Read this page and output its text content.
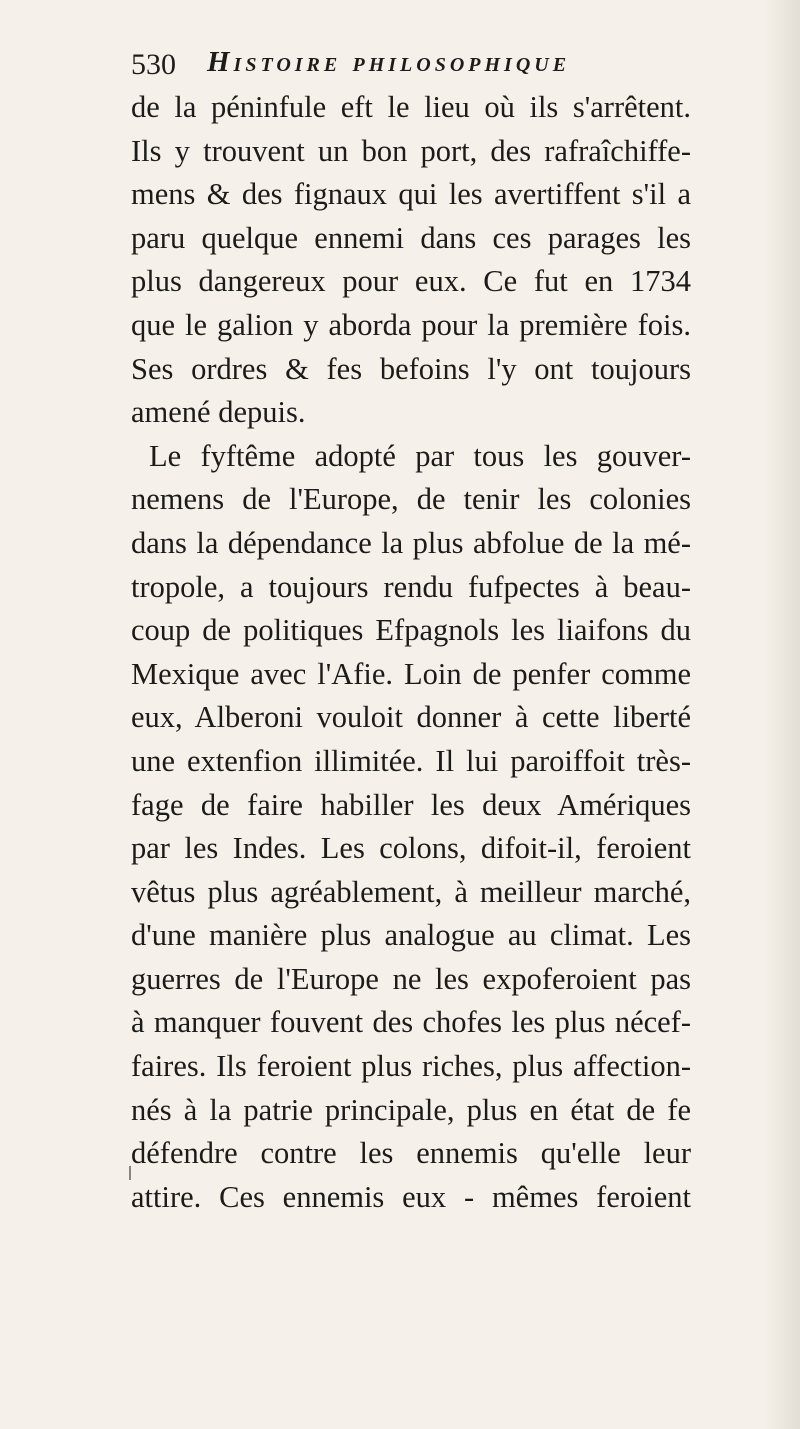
530 Histoire philosophique
de la péninfule eft le lieu où ils s'arrêtent.
Ils y trouvent un bon port, des rafraîchiffe-
mens & des fignaux qui les avertiffent s'il a
paru quelque ennemi dans ces parages les
plus dangereux pour eux. Ce fut en 1734
que le galion y aborda pour la première fois.
Ses ordres & fes befoins l'y ont toujours
amené depuis.
Le fyftême adopté par tous les gouver-
nemens de l'Europe, de tenir les colonies
dans la dépendance la plus abfolue de la mé-
tropole, a toujours rendu fufpectes à beau-
coup de politiques Efpagnols les liaifons du
Mexique avec l'Afie. Loin de penfer comme
eux, Alberoni vouloit donner à cette liberté
une extenfion illimitée. Il lui paroiffoit très-
fage de faire habiller les deux Amériques
par les Indes. Les colons, difoit-il, feroient
vêtus plus agréablement, à meilleur marché,
d'une manière plus analogue au climat. Les
guerres de l'Europe ne les expoferoient pas
à manquer fouvent des chofes les plus nécef-
faires. Ils feroient plus riches, plus affection-
nés à la patrie principale, plus en état de fe
défendre contre les ennemis qu'elle leur
attire. Ces ennemis eux - mêmes feroient
